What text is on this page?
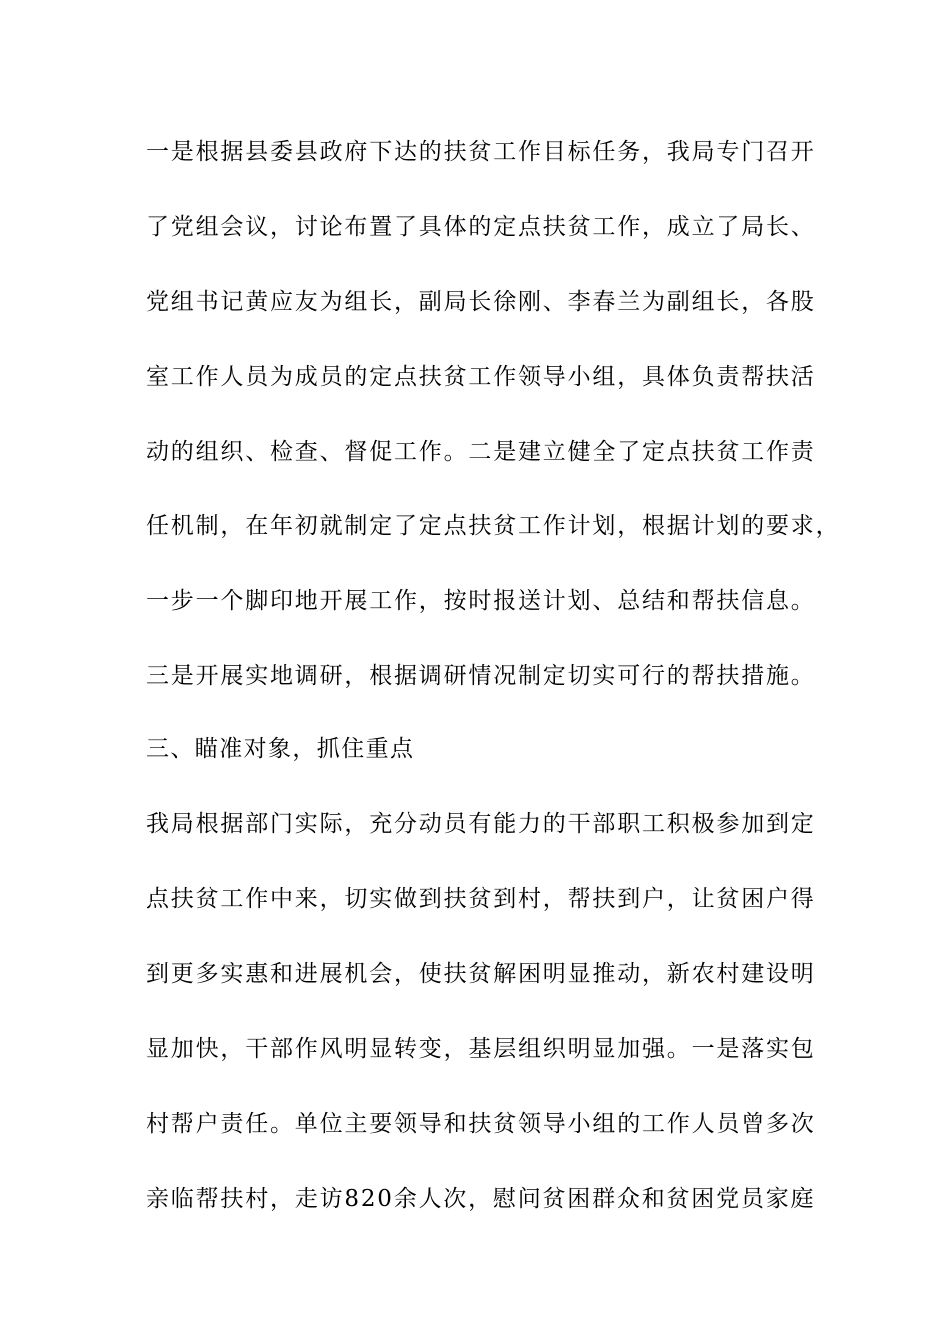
一是根据县委县政府下达的扶贫工作目标任务，我局专门召开
了党组会议，讨论布置了具体的定点扶贫工作，成立了局长、
党组书记黄应友为组长，副局长徐刚、李春兰为副组长，各股
室工作人员为成员的定点扶贫工作领导小组，具体负责帮扶活
动的组织、检查、督促工作。二是建立健全了定点扶贫工作责
任机制，在年初就制定了定点扶贫工作计划，根据计划的要求，
一步一个脚印地开展工作，按时报送计划、总结和帮扶信息。
三是开展实地调研，根据调研情况制定切实可行的帮扶措施。
三、瞄准对象，抓住重点
我局根据部门实际，充分动员有能力的干部职工积极参加到定
点扶贫工作中来，切实做到扶贫到村，帮扶到户，让贫困户得
到更多实惠和进展机会，使扶贫解困明显推动，新农村建设明
显加快，干部作风明显转变，基层组织明显加强。一是落实包
村帮户责任。单位主要领导和扶贫领导小组的工作人员曾多次
亲临帮扶村，走访820余人次，慰问贫困群众和贫困党员家庭
